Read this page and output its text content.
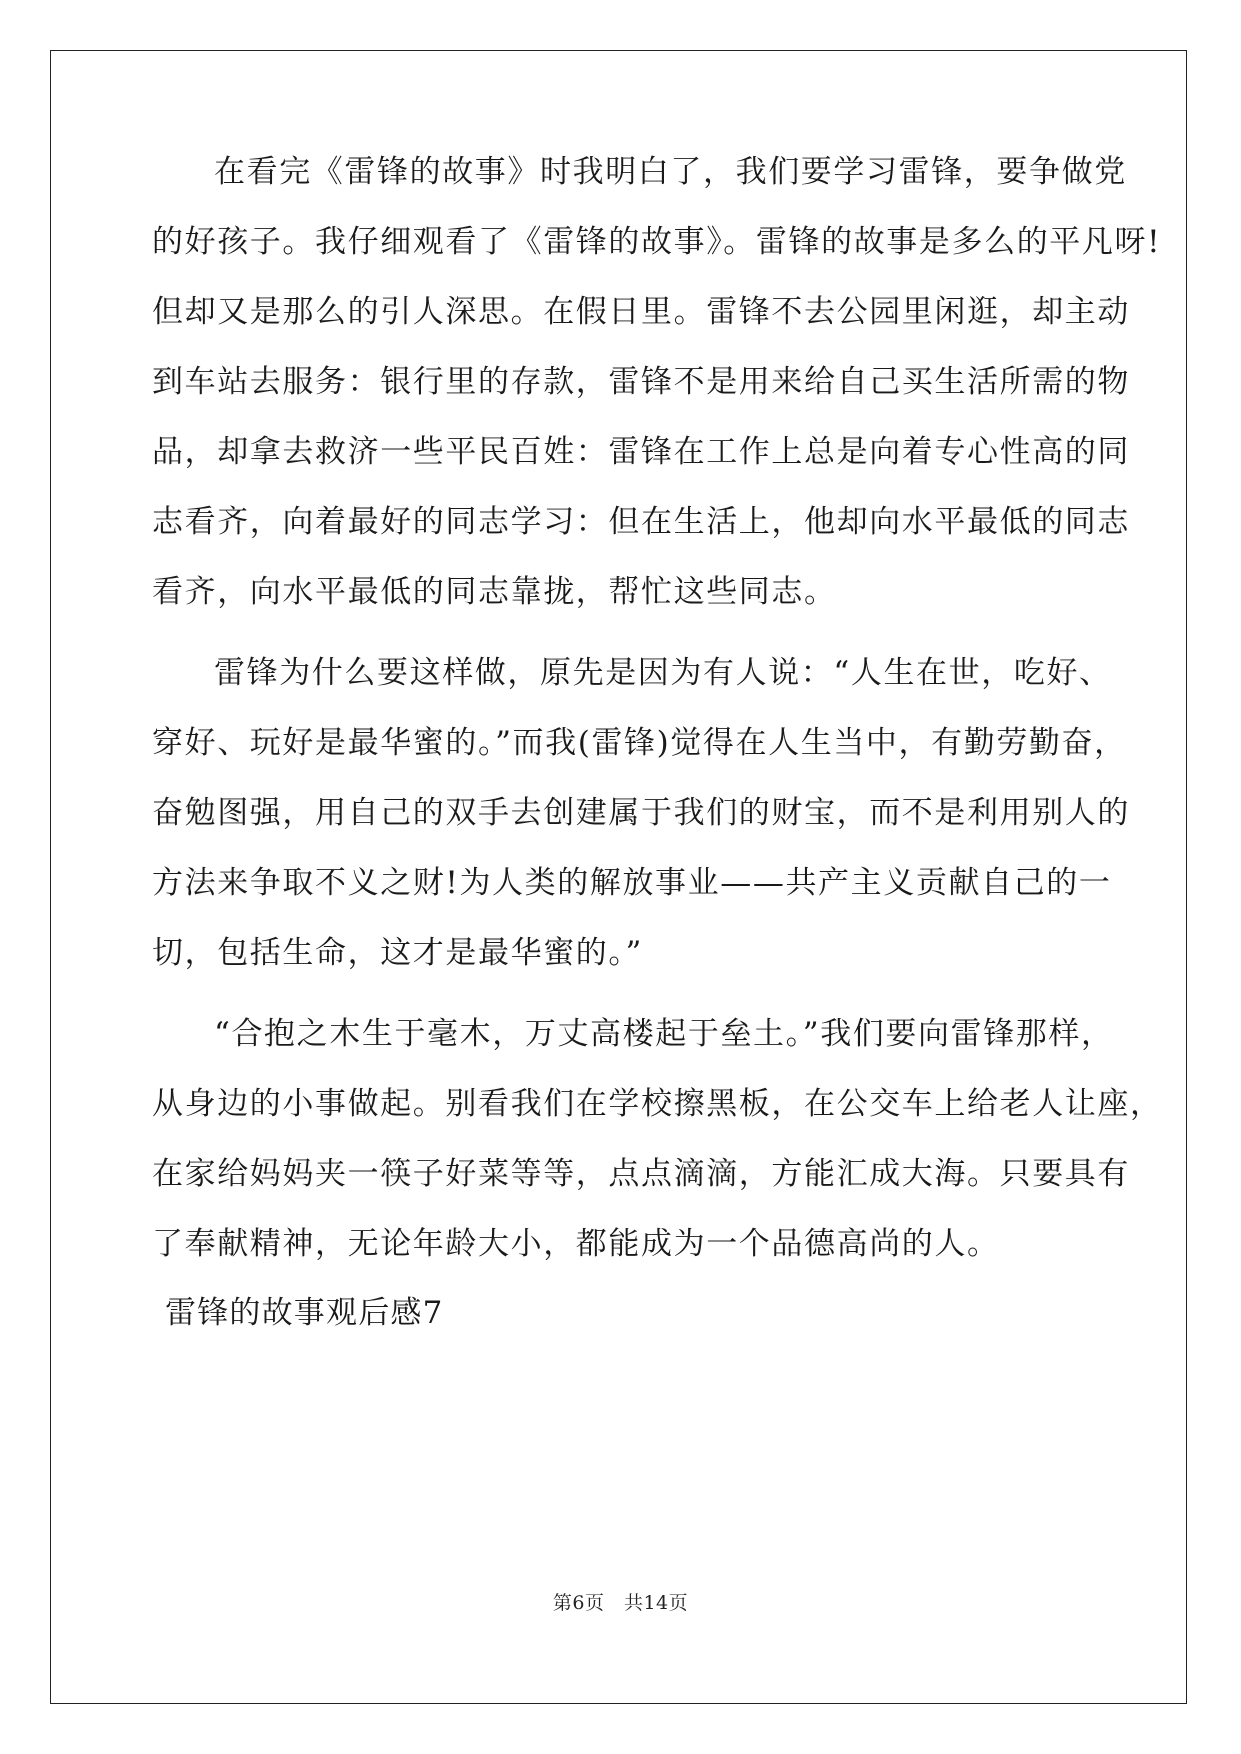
在看完《雷锋的故事》时我明白了，我们要学习雷锋，要争做党
的好孩子。我仔细观看了《雷锋的故事》。雷锋的故事是多么的平凡呀!
但却又是那么的引人深思。在假日里。雷锋不去公园里闲逛，却主动
到车站去服务：银行里的存款，雷锋不是用来给自己买生活所需的物
品，却拿去救济一些平民百姓：雷锋在工作上总是向着专心性高的同
志看齐，向着最好的同志学习：但在生活上，他却向水平最低的同志
看齐，向水平最低的同志靠拢，帮忙这些同志。
雷锋为什么要这样做，原先是因为有人说：“人生在世，吃好、
穿好、玩好是最华蜜的。”而我(雷锋)觉得在人生当中，有勤劳勤奋，
奋勉图强，用自己的双手去创建属于我们的财宝，而不是利用别人的
方法来争取不义之财!为人类的解放事业——共产主义贡献自己的一
切，包括生命，这才是最华蜜的。”
“合抱之木生于毫木，万丈高楼起于垒土。”我们要向雷锋那样，
从身边的小事做起。别看我们在学校擦黑板，在公交车上给老人让座，
在家给妈妈夹一筷子好菜等等，点点滴滴，方能汇成大海。只要具有
了奉献精神，无论年龄大小，都能成为一个品德高尚的人。
雷锋的故事观后感7
第6页　共14页
